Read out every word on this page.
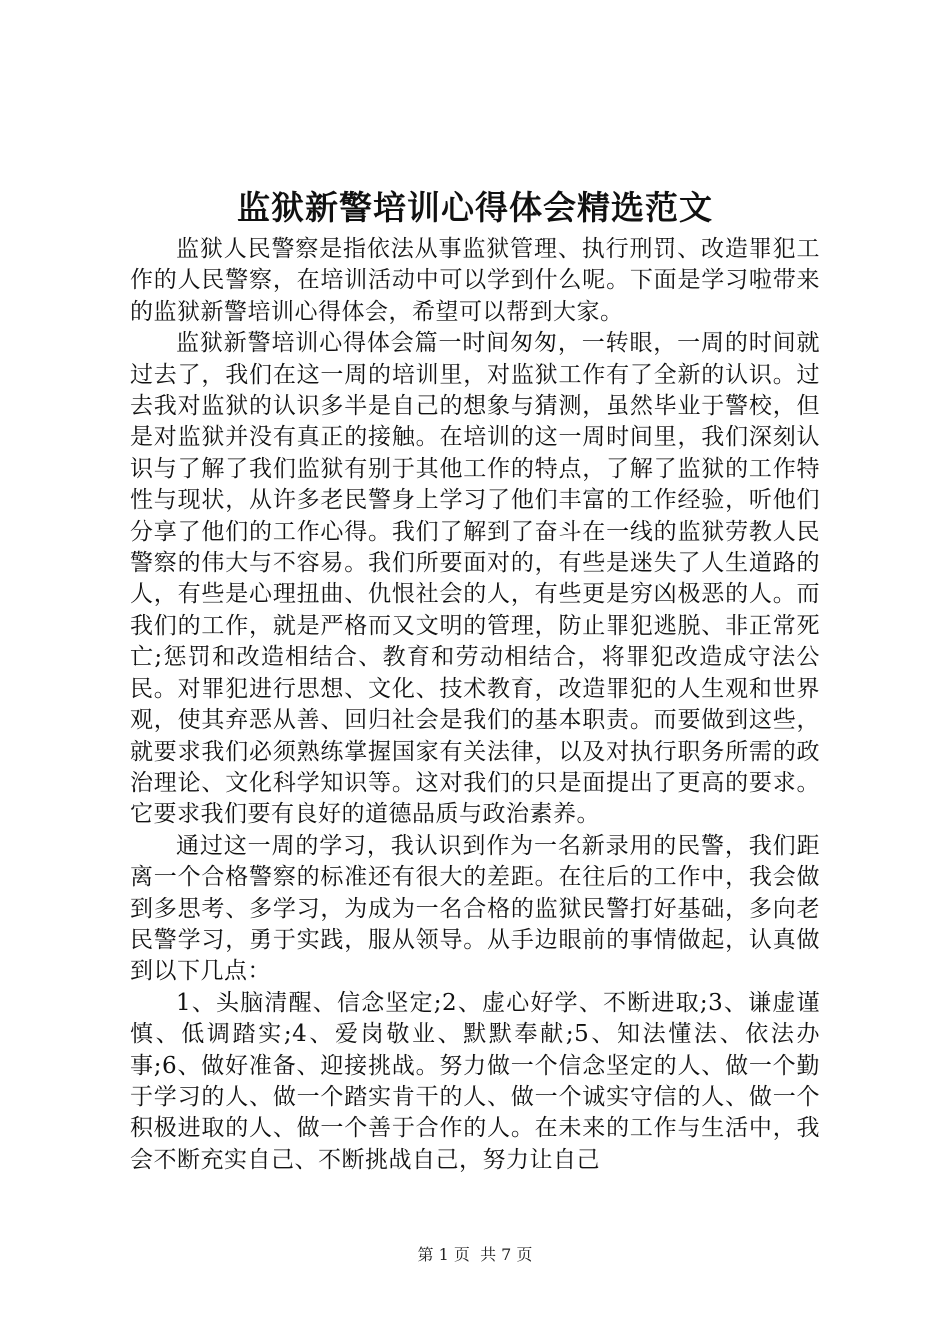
监狱新警培训心得体会精选范文

监狱人民警察是指依法从事监狱管理、执行刑罚、改造罪犯工作的人民警察，在培训活动中可以学到什么呢。下面是学习啦带来的监狱新警培训心得体会，希望可以帮到大家。

监狱新警培训心得体会篇一时间匆匆，一转眼，一周的时间就过去了，我们在这一周的培训里，对监狱工作有了全新的认识。过去我对监狱的认识多半是自己的想象与猜测，虽然毕业于警校，但是对监狱并没有真正的接触。在培训的这一周时间里，我们深刻认识与了解了我们监狱有别于其他工作的特点，了解了监狱的工作特性与现状，从许多老民警身上学习了他们丰富的工作经验，听他们分享了他们的工作心得。我们了解到了奋斗在一线的监狱劳教人民警察的伟大与不容易。我们所要面对的，有些是迷失了人生道路的人，有些是心理扭曲、仇恨社会的人，有些更是穷凶极恶的人。而我们的工作，就是严格而又文明的管理，防止罪犯逃脱、非正常死亡;惩罚和改造相结合、教育和劳动相结合，将罪犯改造成守法公民。对罪犯进行思想、文化、技术教育，改造罪犯的人生观和世界观，使其弃恶从善、回归社会是我们的基本职责。而要做到这些，就要求我们必须熟练掌握国家有关法律，以及对执行职务所需的政治理论、文化科学知识等。这对我们的只是面提出了更高的要求。它要求我们要有良好的道德品质与政治素养。

通过这一周的学习，我认识到作为一名新录用的民警，我们距离一个合格警察的标准还有很大的差距。在往后的工作中，我会做到多思考、多学习，为成为一名合格的监狱民警打好基础，多向老民警学习，勇于实践，服从领导。从手边眼前的事情做起，认真做到以下几点：

1、头脑清醒、信念坚定;2、虚心好学、不断进取;3、谦虚谨慎、低调踏实;4、爱岗敬业、默默奉献;5、知法懂法、依法办事;6、做好准备、迎接挑战。努力做一个信念坚定的人、做一个勤于学习的人、做一个踏实肯干的人、做一个诚实守信的人、做一个积极进取的人、做一个善于合作的人。在未来的工作与生活中，我会不断充实自己、不断挑战自己，努力让自己

第 1 页  共 7 页
